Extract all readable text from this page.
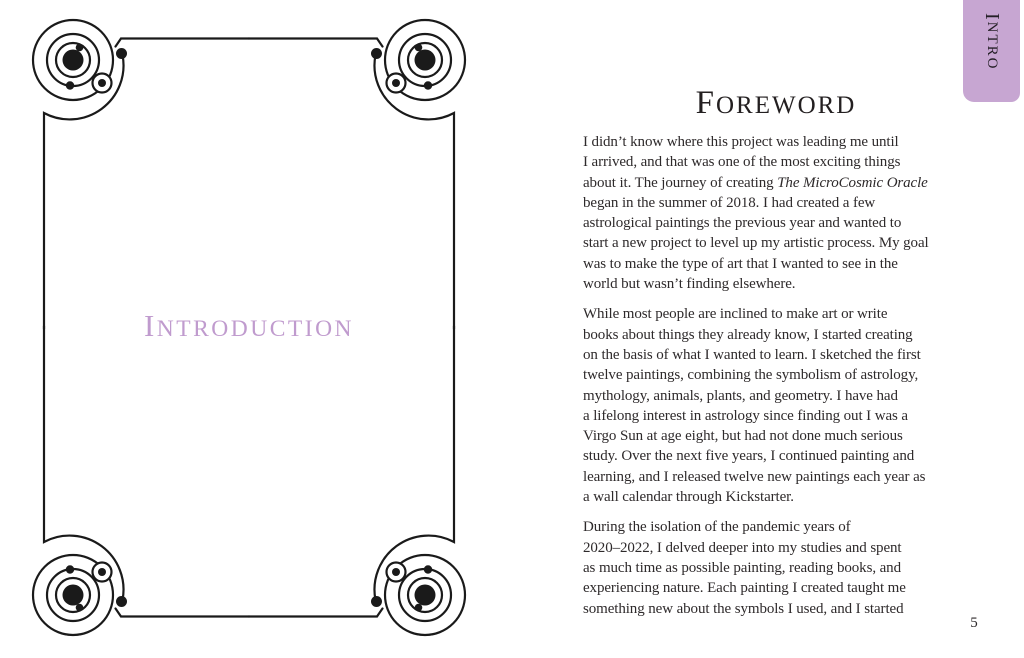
INTRODUCTION
INTRO
FOREWORD

I didn’t know where this project was leading me until
I arrived, and that was one of the most exciting things
about it. The journey of creating The MicroCosmic Oracle
began in the summer of 2018. I had created a few
astrological paintings the previous year and wanted to
start a new project to level up my artistic process. My goal
was to make the type of art that I wanted to see in the
world but wasn’t finding elsewhere.

While most people are inclined to make art or write
books about things they already know, I started creating
on the basis of what I wanted to learn. I sketched the first
twelve paintings, combining the symbolism of astrology,
mythology, animals, plants, and geometry. I have had
a lifelong interest in astrology since finding out I was a
Virgo Sun at age eight, but had not done much serious
study. Over the next five years, I continued painting and
learning, and I released twelve new paintings each year as
a wall calendar through Kickstarter.

During the isolation of the pandemic years of
2020–2022, I delved deeper into my studies and spent
as much time as possible painting, reading books, and
experiencing nature. Each painting I created taught me
something new about the symbols I used, and I started

5
